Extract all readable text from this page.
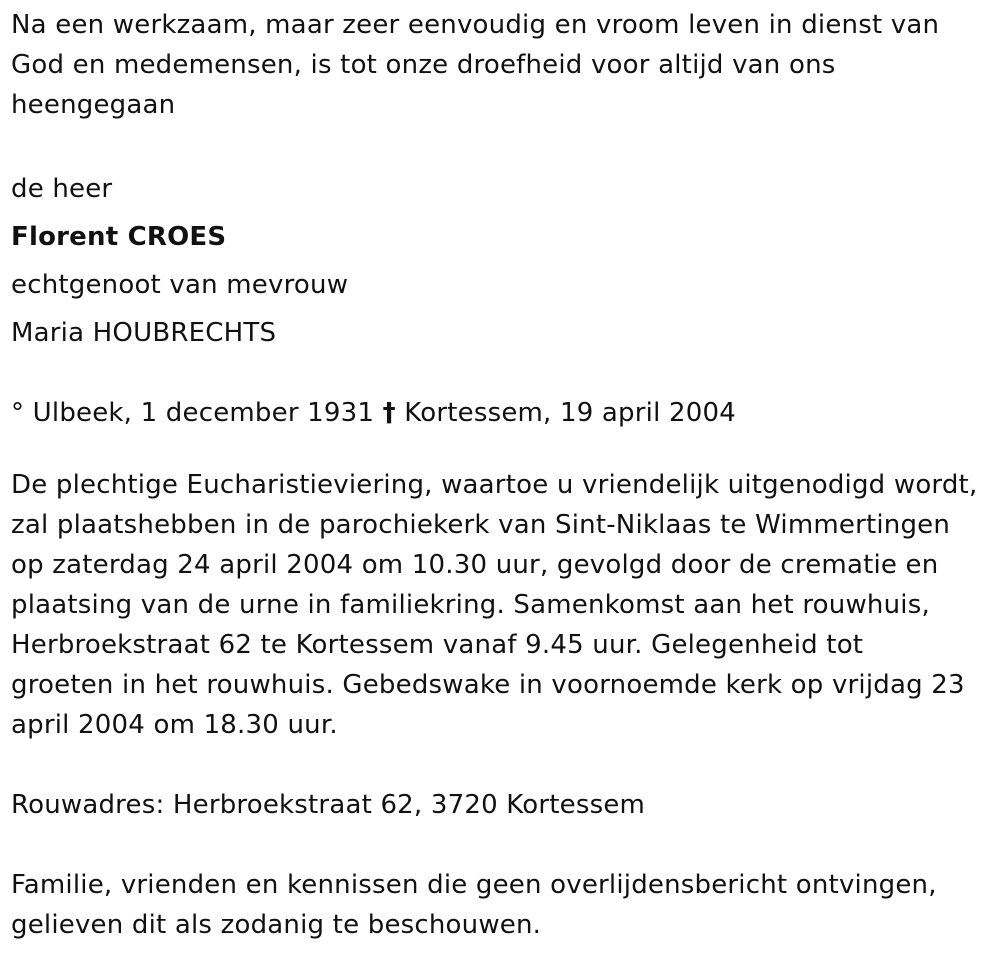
Na een werkzaam, maar zeer eenvoudig en vroom leven in dienst van
God en medemensen, is tot onze droefheid voor altijd van ons
heengegaan

de heer

Florent CROES

echtgenoot van mevrouw

Maria HOUBRECHTS

° Ulbeek, 1 december 1931 † Kortessem, 19 april 2004

De plechtige Eucharistieviering, waartoe u vriendelijk uitgenodigd wordt,
zal plaatshebben in de parochiekerk van Sint-Niklaas te Wimmertingen
op zaterdag 24 april 2004 om 10.30 uur, gevolgd door de crematie en
plaatsing van de urne in familiekring. Samenkomst aan het rouwhuis,
Herbroekstraat 62 te Kortessem vanaf 9.45 uur. Gelegenheid tot
groeten in het rouwhuis. Gebedswake in voornoemde kerk op vrijdag 23
april 2004 om 18.30 uur.

Rouwadres: Herbroekstraat 62, 3720 Kortessem

Familie, vrienden en kennissen die geen overlijdensbericht ontvingen,
gelieven dit als zodanig te beschouwen.
